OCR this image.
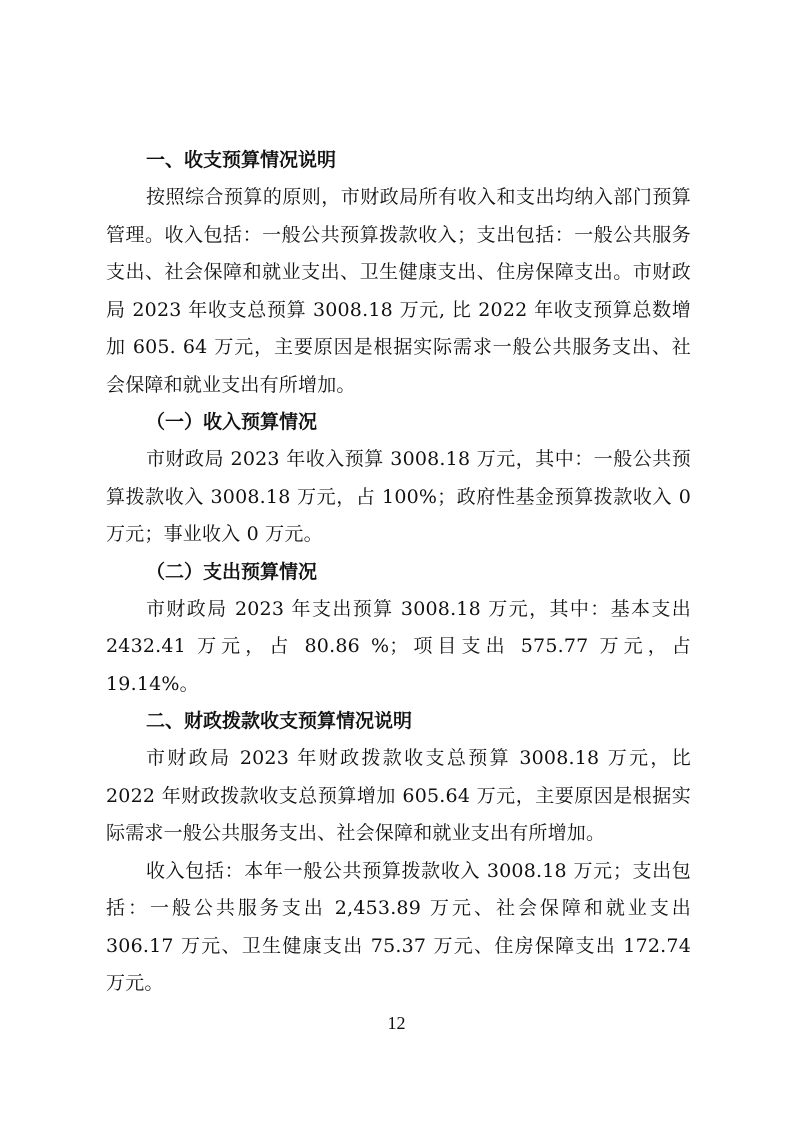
一、收支预算情况说明

按照综合预算的原则，市财政局所有收入和支出均纳入部门预算管理。收入包括：一般公共预算拨款收入；支出包括：一般公共服务支出、社会保障和就业支出、卫生健康支出、住房保障支出。市财政局 2023 年收支总预算 3008.18 万元, 比 2022 年收支预算总数增加 605. 64 万元，主要原因是根据实际需求一般公共服务支出、社会保障和就业支出有所增加。

（一）收入预算情况

市财政局 2023 年收入预算 3008.18 万元，其中：一般公共预算拨款收入 3008.18 万元，占 100%；政府性基金预算拨款收入 0 万元；事业收入 0 万元。

（二）支出预算情况

市财政局 2023 年支出预算 3008.18 万元，其中：基本支出 2432.41 万元，占 80.86 %；项目支出 575.77 万元，占 19.14%。

二、财政拨款收支预算情况说明

市财政局 2023 年财政拨款收支总预算 3008.18 万元，比 2022 年财政拨款收支总预算增加 605.64 万元，主要原因是根据实际需求一般公共服务支出、社会保障和就业支出有所增加。

收入包括：本年一般公共预算拨款收入 3008.18 万元；支出包括：一般公共服务支出 2,453.89 万元、社会保障和就业支出 306.17 万元、卫生健康支出 75.37 万元、住房保障支出 172.74 万元。

12
